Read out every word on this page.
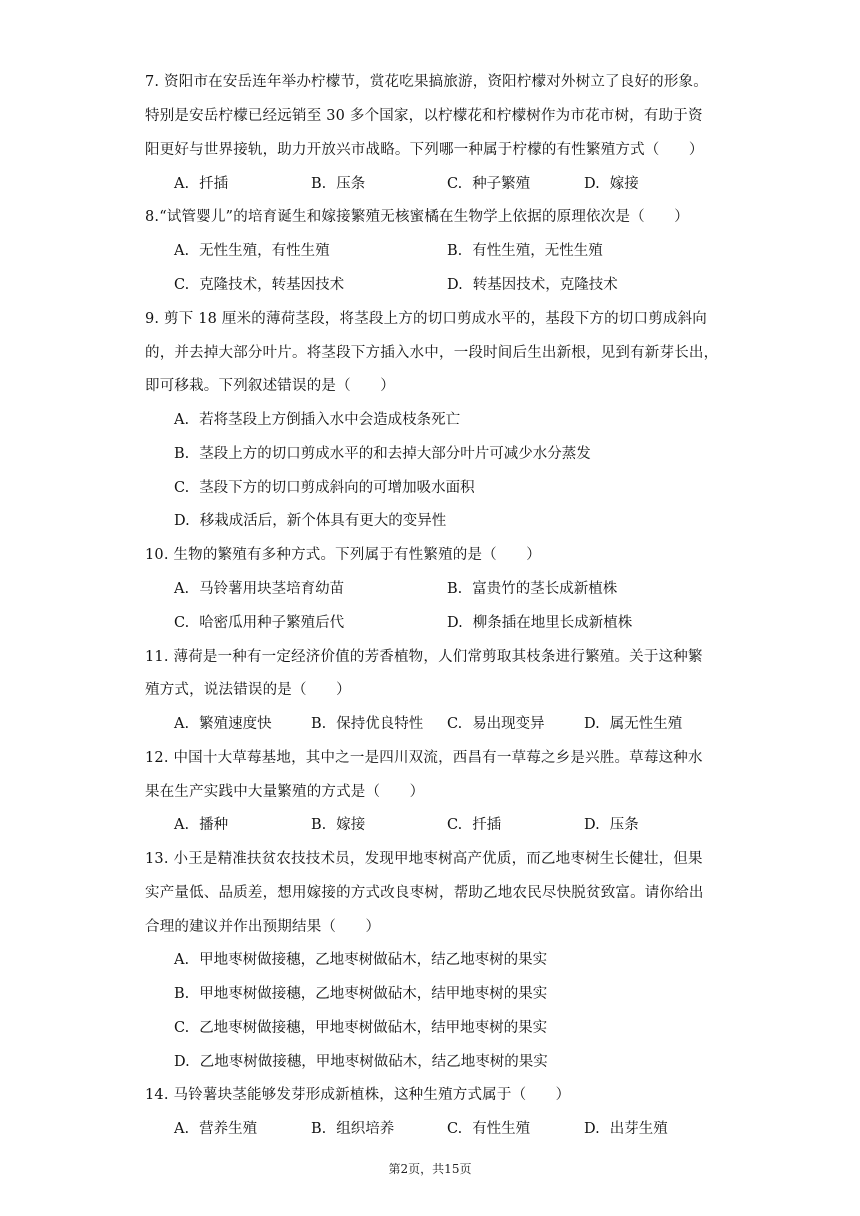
7. 资阳市在安岳连年举办柠檬节，赏花吃果搞旅游，资阳柠檬对外树立了良好的形象。
特别是安岳柠檬已经远销至 30 多个国家，以柠檬花和柠檬树作为市花市树，有助于资
阳更好与世界接轨，助力开放兴市战略。下列哪一种属于柠檬的有性繁殖方式（　　）
A. 扦插	B. 压条	C. 种子繁殖	D. 嫁接
8.“试管婴儿”的培育诞生和嫁接繁殖无核蜜橘在生物学上依据的原理依次是（　　）
A. 无性生殖，有性生殖	B. 有性生殖，无性生殖
C. 克隆技术，转基因技术	D. 转基因技术，克隆技术
9. 剪下 18 厘米的薄荷茎段，将茎段上方的切口剪成水平的，基段下方的切口剪成斜向
的，并去掉大部分叶片。将茎段下方插入水中，一段时间后生出新根，见到有新芽长出，
即可移栽。下列叙述错误的是（　　）
A. 若将茎段上方倒插入水中会造成枝条死亡
B. 茎段上方的切口剪成水平的和去掉大部分叶片可减少水分蒸发
C. 茎段下方的切口剪成斜向的可增加吸水面积
D. 移栽成活后，新个体具有更大的变异性
10. 生物的繁殖有多种方式。下列属于有性繁殖的是（　　）
A. 马铃薯用块茎培育幼苗	B. 富贵竹的茎长成新植株
C. 哈密瓜用种子繁殖后代	D. 柳条插在地里长成新植株
11. 薄荷是一种有一定经济价值的芳香植物，人们常剪取其枝条进行繁殖。关于这种繁
殖方式，说法错误的是（　　）
A. 繁殖速度快	B. 保持优良特性 C. 易出现变异	D. 属无性生殖
12. 中国十大草莓基地，其中之一是四川双流，西昌有一草莓之乡是兴胜。草莓这种水
果在生产实践中大量繁殖的方式是（　　）
A. 播种	B. 嫁接	C. 扦插	D. 压条
13. 小王是精准扶贫农技技术员，发现甲地枣树高产优质，而乙地枣树生长健壮，但果
实产量低、品质差，想用嫁接的方式改良枣树，帮助乙地农民尽快脱贫致富。请你给出
合理的建议并作出预期结果（　　）
A. 甲地枣树做接穗，乙地枣树做砧木，结乙地枣树的果实
B. 甲地枣树做接穗，乙地枣树做砧木，结甲地枣树的果实
C. 乙地枣树做接穗，甲地枣树做砧木，结甲地枣树的果实
D. 乙地枣树做接穗，甲地枣树做砧木，结乙地枣树的果实
14. 马铃薯块茎能够发芽形成新植株，这种生殖方式属于（　　）
A. 营养生殖	B. 组织培养	C. 有性生殖	D. 出芽生殖
第2页，共15页
